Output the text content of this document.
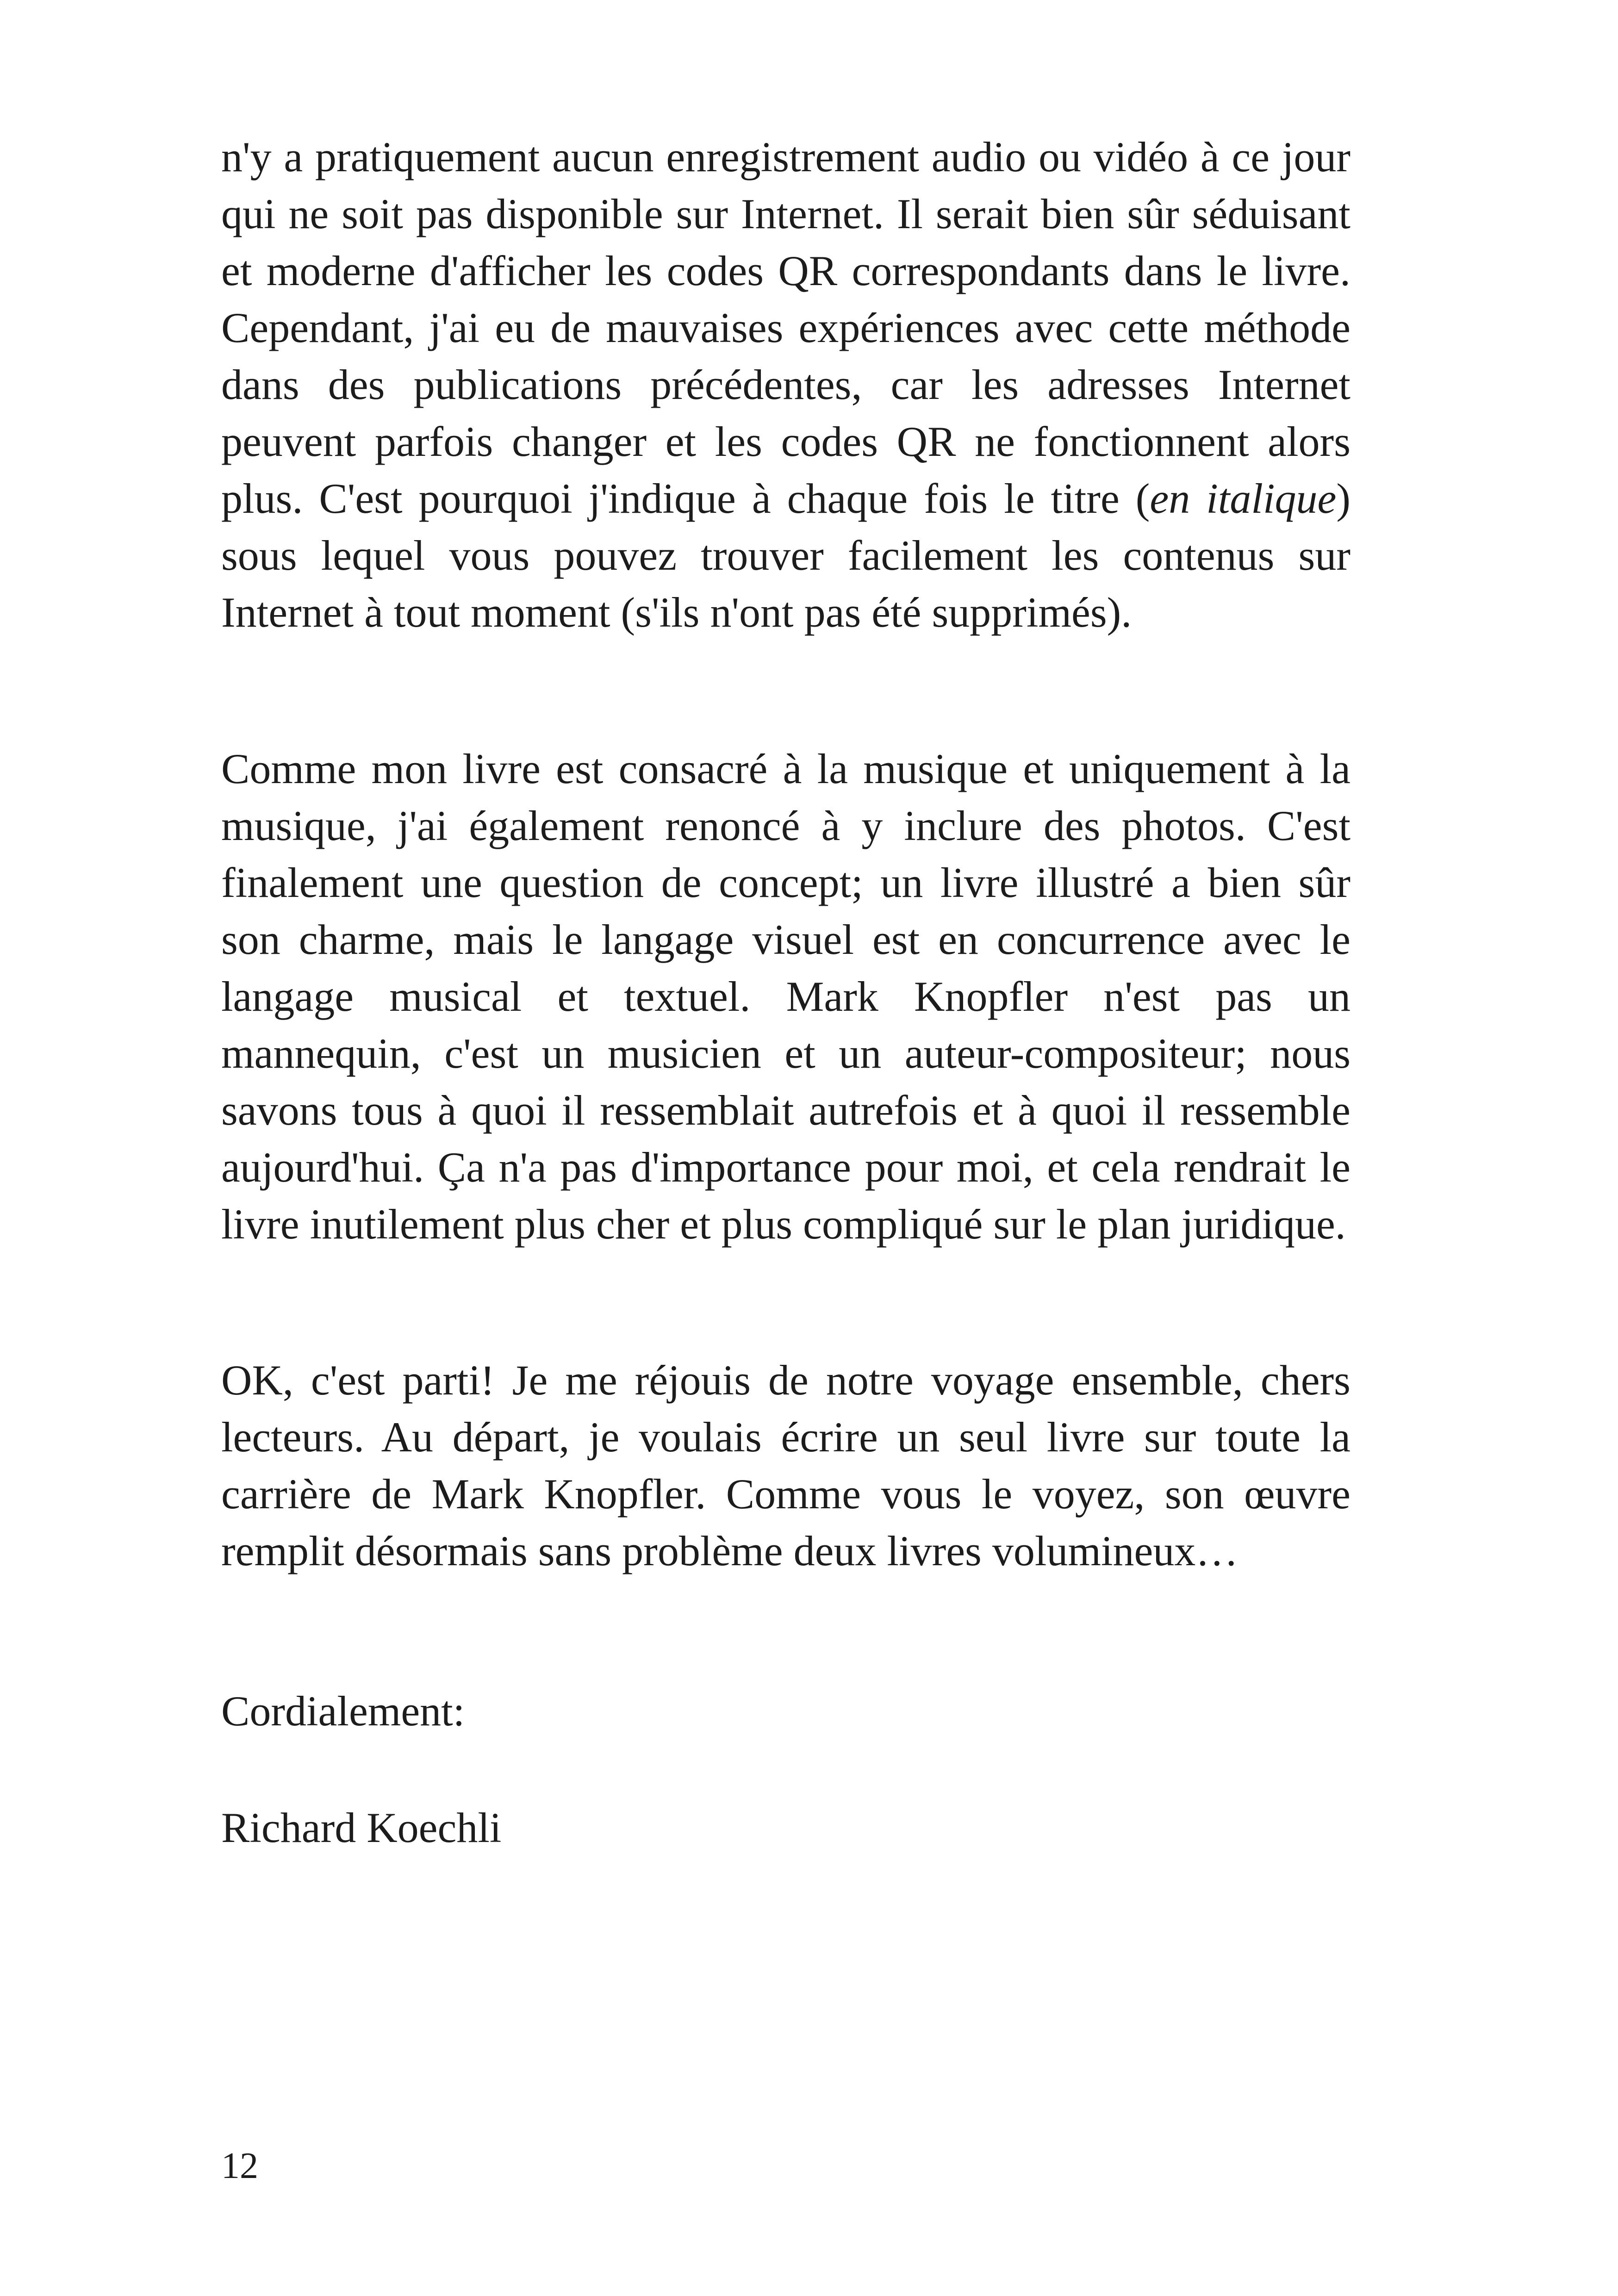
n'y a pratiquement aucun enregistrement audio ou vidéo à ce jour qui ne soit pas disponible sur Internet. Il serait bien sûr séduisant et moderne d'afficher les codes QR correspondants dans le livre. Cependant, j'ai eu de mauvaises expériences avec cette méthode dans des publications précédentes, car les adresses Internet peuvent parfois changer et les codes QR ne fonctionnent alors plus. C'est pourquoi j'indique à chaque fois le titre (en italique) sous lequel vous pouvez trouver facilement les contenus sur Internet à tout moment (s'ils n'ont pas été supprimés).

Comme mon livre est consacré à la musique et uniquement à la musique, j'ai également renoncé à y inclure des photos. C'est finalement une question de concept; un livre illustré a bien sûr son charme, mais le langage visuel est en concurrence avec le langage musical et textuel. Mark Knopfler n'est pas un mannequin, c'est un musicien et un auteur-compositeur; nous savons tous à quoi il ressemblait autrefois et à quoi il ressemble aujourd'hui. Ça n'a pas d'importance pour moi, et cela rendrait le livre inutilement plus cher et plus compliqué sur le plan juridique.

OK, c'est parti! Je me réjouis de notre voyage ensemble, chers lecteurs. Au départ, je voulais écrire un seul livre sur toute la carrière de Mark Knopfler. Comme vous le voyez, son œuvre remplit désormais sans problème deux livres volumineux…

Cordialement:

Richard Koechli

12
